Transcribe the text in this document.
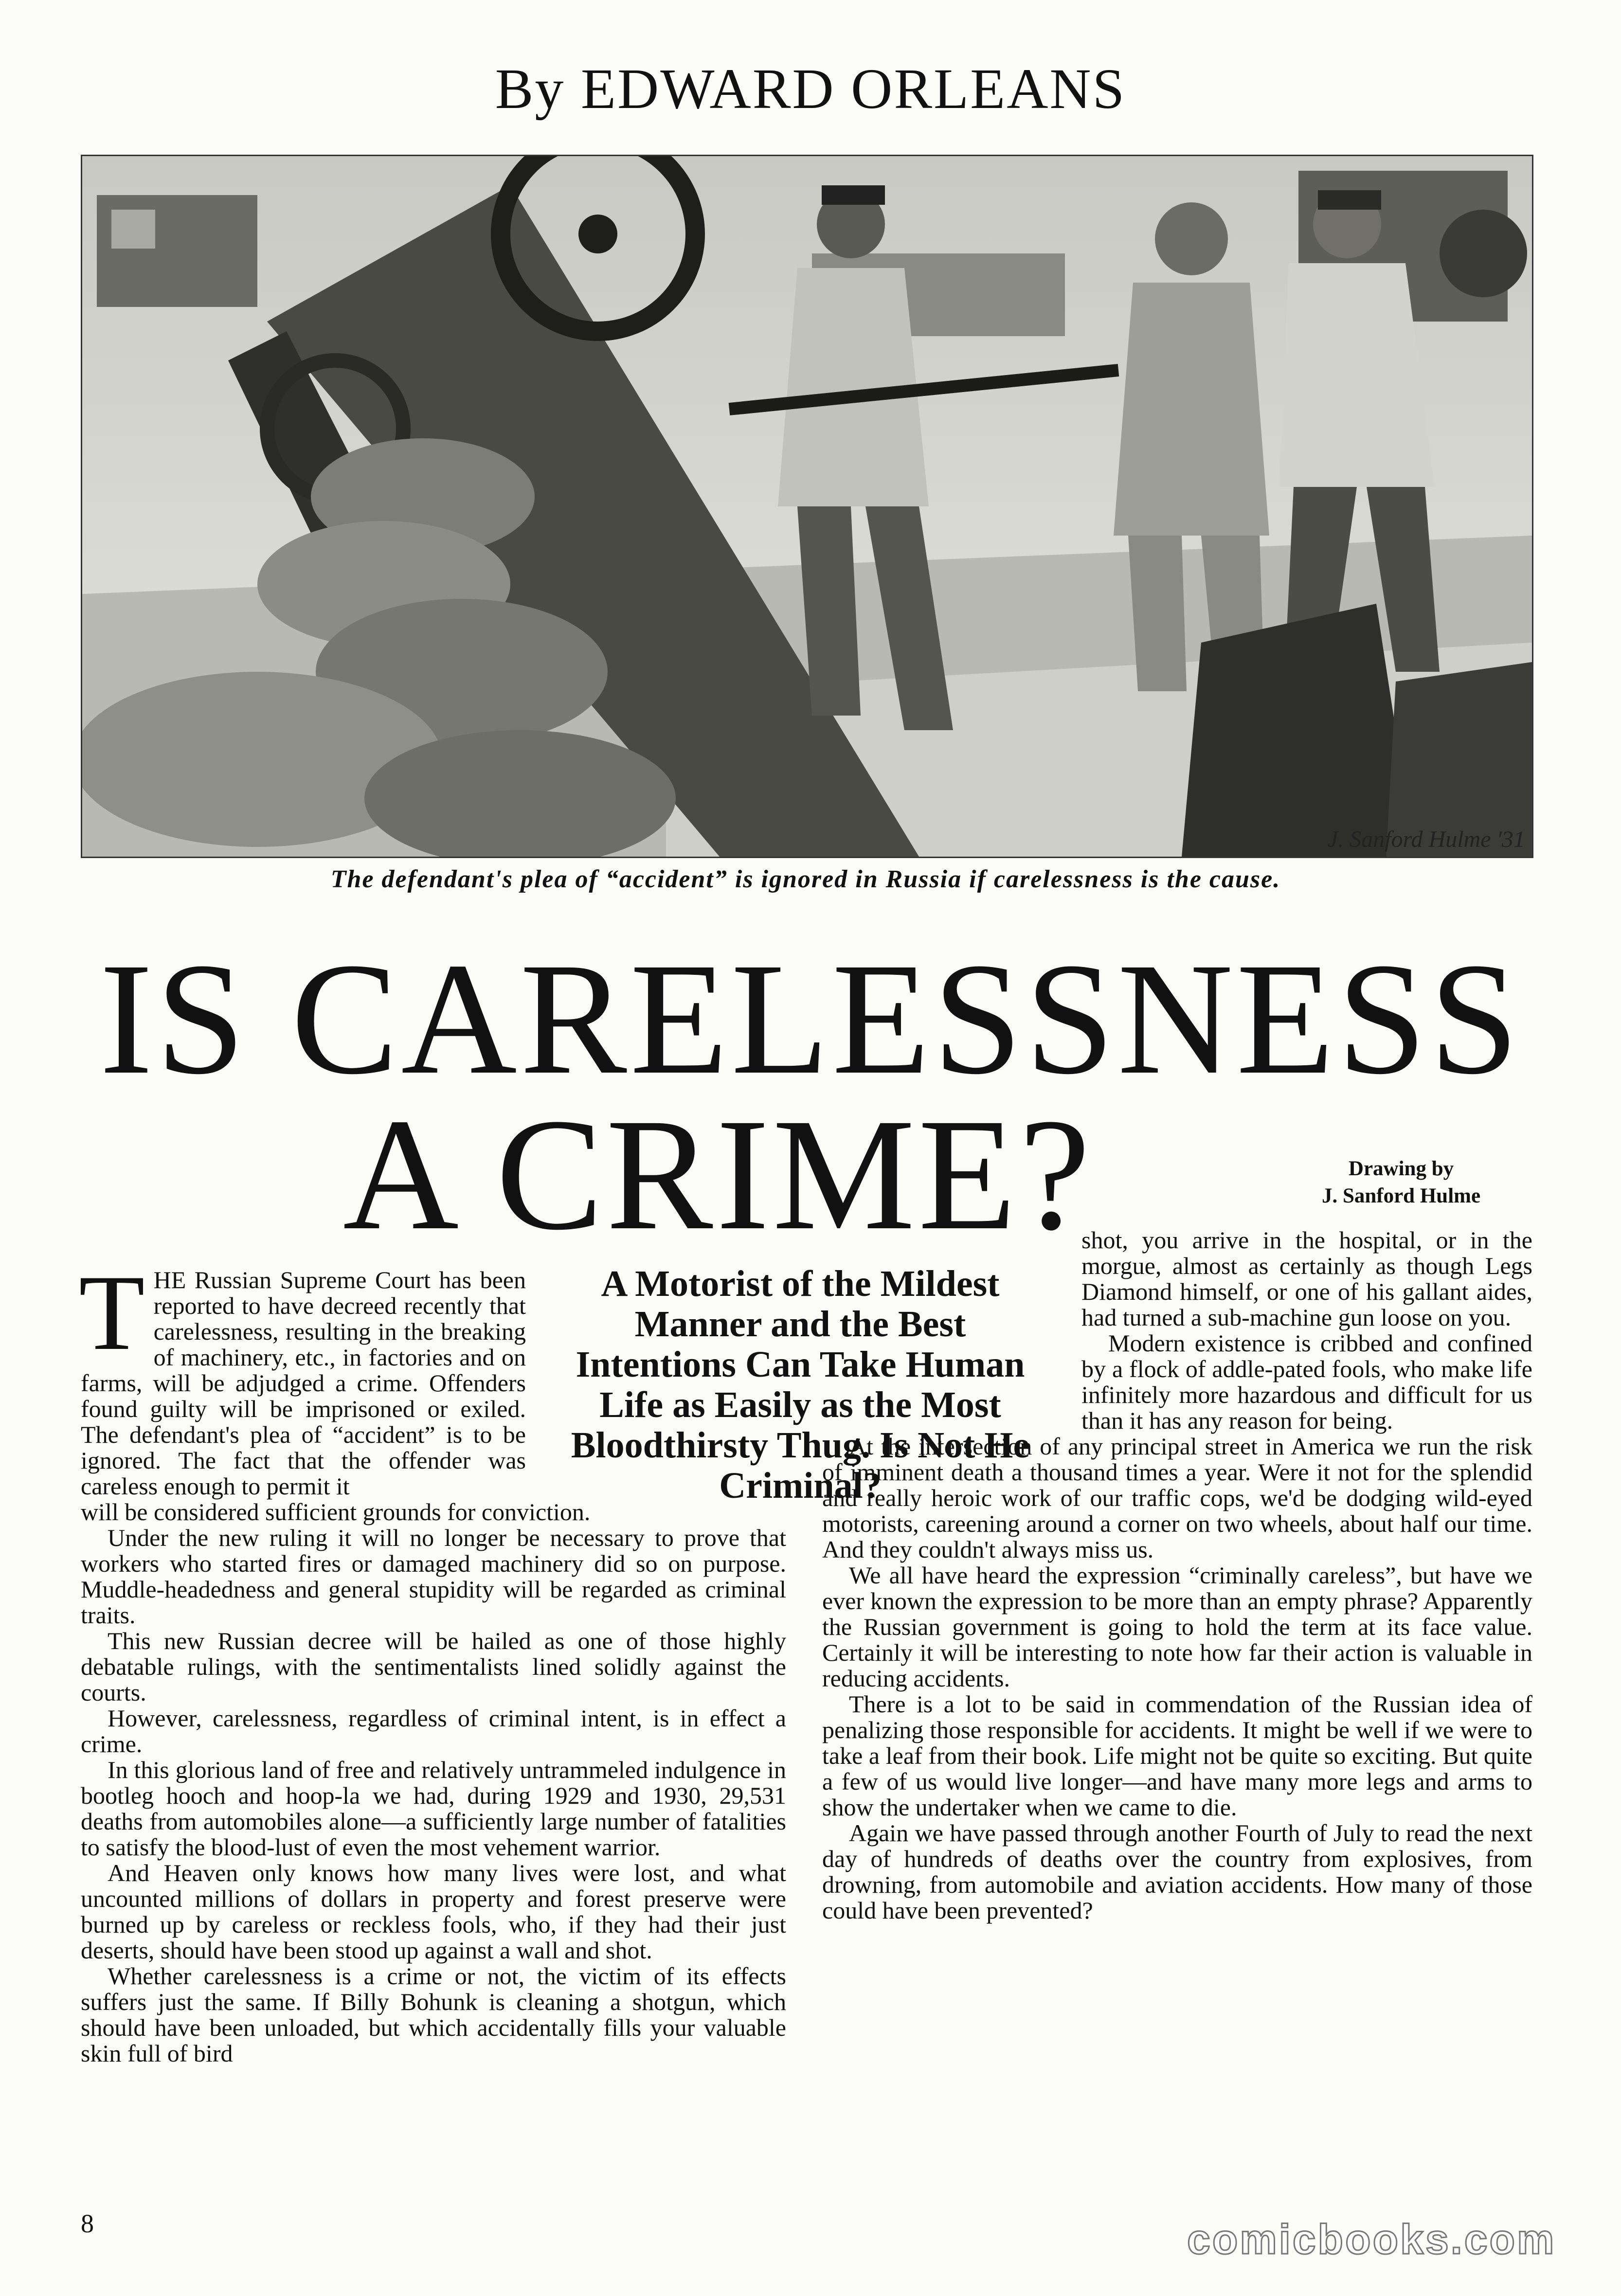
By EDWARD ORLEANS
J. Sanford Hulme '31
The defendant's plea of “accident” is ignored in Russia if carelessness is the cause.
IS CARELESSNESS
A CRIME?	Drawing by
J. Sanford Hulme
T HE Russian Supreme Court has been reported to have decreed recently that carelessness, resulting in the breaking of machinery, etc., in factories and on farms, will be adjudged a crime. Offenders found guilty will be imprisoned or exiled. The defendant's plea of “accident” is to be ignored. The fact that the offender was careless enough to permit it

will be considered sufficient grounds for conviction.

Under the new ruling it will no longer be necessary to prove that workers who started fires or damaged machinery did so on purpose. Muddle-headedness and general stupidity will be regarded as criminal traits.

This new Russian decree will be hailed as one of those highly debatable rulings, with the sentimentalists lined solidly against the courts.

However, carelessness, regardless of criminal intent, is in effect a crime.

In this glorious land of free and relatively untrammeled indulgence in bootleg hooch and hoop-la we had, during 1929 and 1930, 29,531 deaths from automobiles alone—a sufficiently large number of fatalities to satisfy the blood-lust of even the most vehement warrior.

And Heaven only knows how many lives were lost, and what uncounted millions of dollars in property and forest preserve were burned up by careless or reckless fools, who, if they had their just deserts, should have been stood up against a wall and shot.

Whether carelessness is a crime or not, the victim of its effects suffers just the same. If Billy Bohunk is cleaning a shotgun, which should have been unloaded, but which accidentally fills your valuable skin full of bird

A Motorist of the Mildest Manner and the Best Intentions Can Take Human Life as Easily as the Most Bloodthirsty Thug. Is Not He Criminal?

shot, you arrive in the hospital, or in the morgue, almost as certainly as though Legs Diamond himself, or one of his gallant aides, had turned a sub-machine gun loose on you.

Modern existence is cribbed and confined by a flock of addle-pated fools, who make life infinitely more hazardous and difficult for us than it has any reason for being.

At the intersection of any principal street in America we run the risk of imminent death a thousand times a year. Were it not for the splendid and really heroic work of our traffic cops, we'd be dodging wild-eyed motorists, careening around a corner on two wheels, about half our time. And they couldn't always miss us.

We all have heard the expression “criminally careless”, but have we ever known the expression to be more than an empty phrase? Apparently the Russian government is going to hold the term at its face value. Certainly it will be interesting to note how far their action is valuable in reducing accidents.

There is a lot to be said in commendation of the Russian idea of penalizing those responsible for accidents. It might be well if we were to take a leaf from their book. Life might not be quite so exciting. But quite a few of us would live longer—and have many more legs and arms to show the undertaker when we came to die.

Again we have passed through another Fourth of July to read the next day of hundreds of deaths over the country from explosives, from drowning, from automobile and aviation accidents. How many of those could have been prevented?

8	comicbooks.com
